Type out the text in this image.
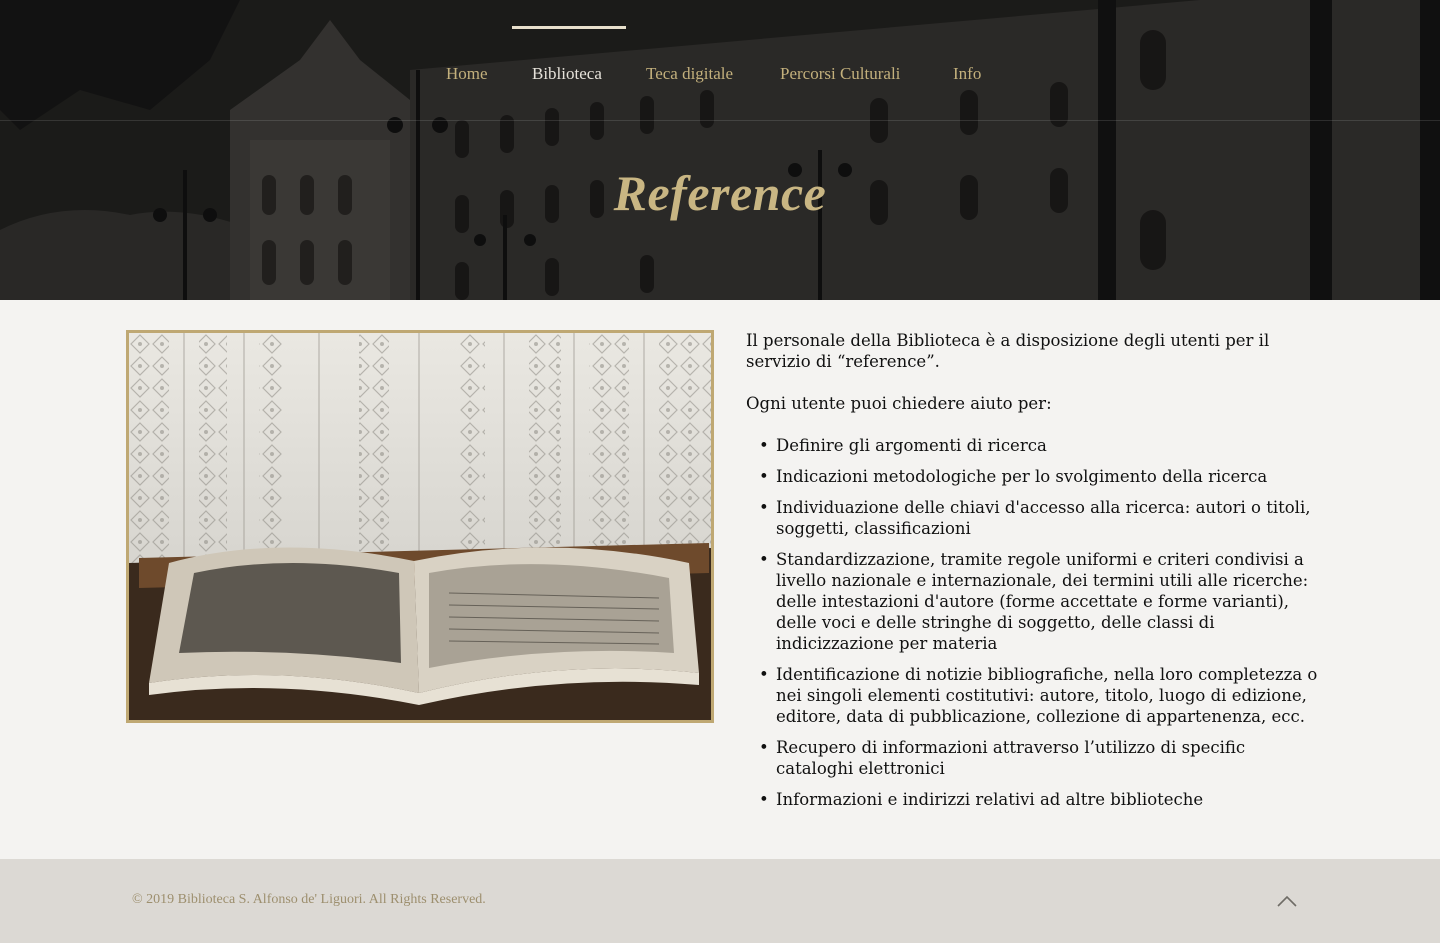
Home	Biblioteca	Teca digitale	Percorsi Culturali	Info
Reference

Il personale della Biblioteca è a disposizione degli utenti per il servizio di “reference”.

Ogni utente puoi chiedere aiuto per:

• Definire gli argomenti di ricerca
• Indicazioni metodologiche per lo svolgimento della ricerca
• Individuazione delle chiavi d'accesso alla ricerca: autori o titoli, soggetti, classificazioni
• Standardizzazione, tramite regole uniformi e criteri condivisi a livello nazionale e internazionale, dei termini utili alle ricerche: delle intestazioni d'autore (forme accettate e forme varianti), delle voci e delle stringhe di soggetto, delle classi di indicizzazione per materia
• Identificazione di notizie bibliografiche, nella loro completezza o nei singoli elementi costitutivi: autore, titolo, luogo di edizione, editore, data di pubblicazione, collezione di appartenenza, ecc.
• Recupero di informazioni attraverso l’utilizzo di specific cataloghi elettronici
• Informazioni e indirizzi relativi ad altre biblioteche
© 2019 Biblioteca S. Alfonso de' Liguori. All Rights Reserved.
